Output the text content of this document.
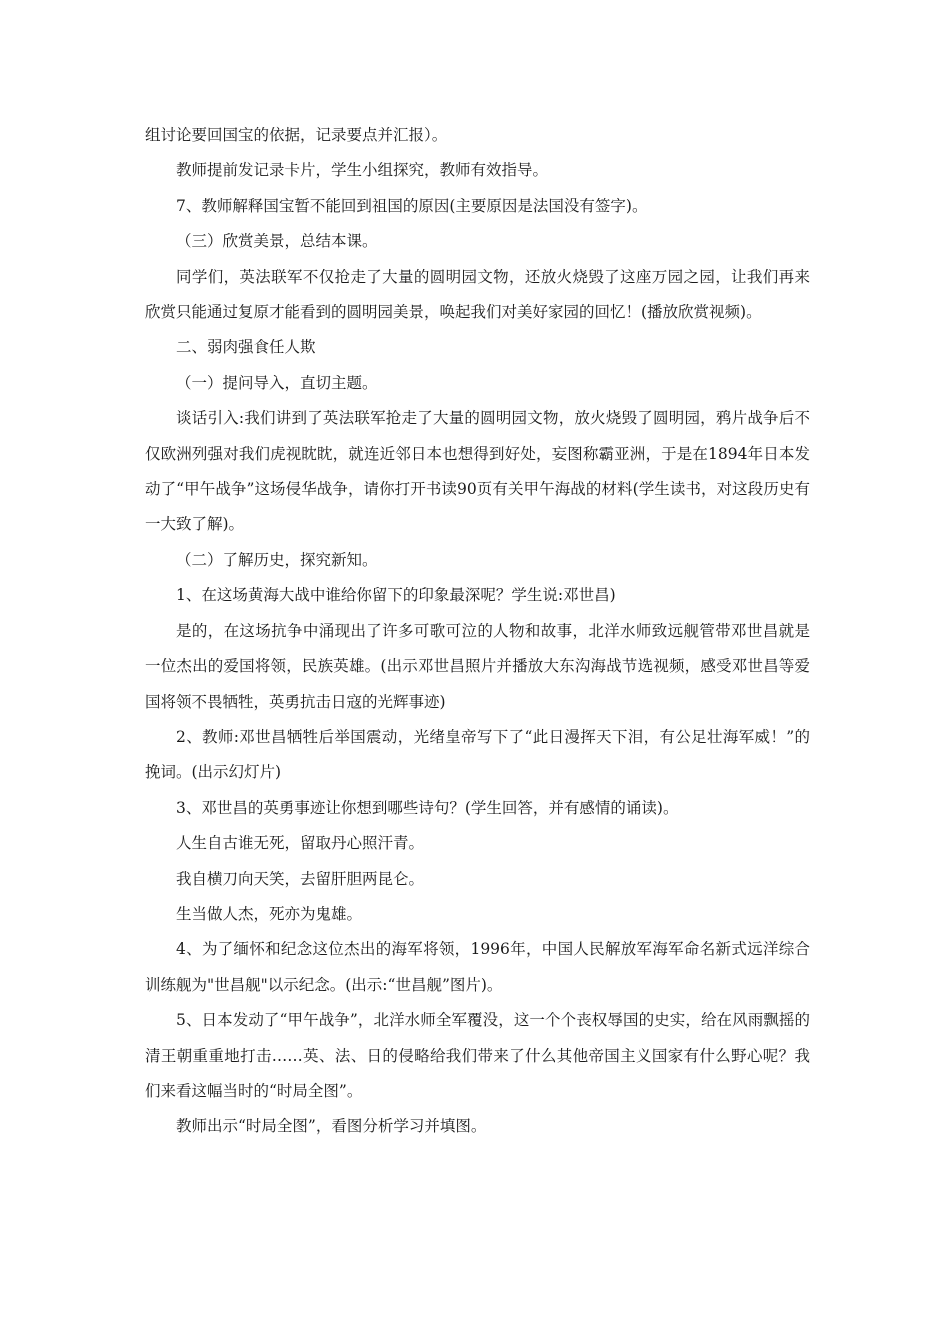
组讨论要回国宝的依据，记录要点并汇报）。

教师提前发记录卡片，学生小组探究，教师有效指导。

7、教师解释国宝暂不能回到祖国的原因(主要原因是法国没有签字)。

（三）欣赏美景，总结本课。

同学们，英法联军不仅抢走了大量的圆明园文物，还放火烧毁了这座万园之园，让我们再来欣赏只能通过复原才能看到的圆明园美景，唤起我们对美好家园的回忆！(播放欣赏视频)。

二、弱肉强食任人欺

（一）提问导入，直切主题。

谈话引入:我们讲到了英法联军抢走了大量的圆明园文物，放火烧毁了圆明园，鸦片战争后不仅欧洲列强对我们虎视眈眈，就连近邻日本也想得到好处，妄图称霸亚洲，于是在1894年日本发动了“甲午战争”这场侵华战争，请你打开书读90页有关甲午海战的材料(学生读书，对这段历史有一大致了解)。

（二）了解历史，探究新知。

1、在这场黄海大战中谁给你留下的印象最深呢？学生说:邓世昌)

是的，在这场抗争中涌现出了许多可歌可泣的人物和故事，北洋水师致远舰管带邓世昌就是一位杰出的爱国将领，民族英雄。(出示邓世昌照片并播放大东沟海战节选视频，感受邓世昌等爱国将领不畏牺牲，英勇抗击日寇的光辉事迹)

2、教师:邓世昌牺牲后举国震动，光绪皇帝写下了“此日漫挥天下泪，有公足壮海军威！”的挽词。(出示幻灯片)

3、邓世昌的英勇事迹让你想到哪些诗句？(学生回答，并有感情的诵读)。

人生自古谁无死，留取丹心照汗青。

我自横刀向天笑，去留肝胆两昆仑。

生当做人杰，死亦为鬼雄。

4、为了缅怀和纪念这位杰出的海军将领，1996年，中国人民解放军海军命名新式远洋综合训练舰为"世昌舰"以示纪念。(出示:“世昌舰”图片)。

5、日本发动了“甲午战争”，北洋水师全军覆没，这一个个丧权辱国的史实，给在风雨飘摇的清王朝重重地打击……英、法、日的侵略给我们带来了什么其他帝国主义国家有什么野心呢？我们来看这幅当时的“时局全图”。

教师出示“时局全图”，看图分析学习并填图。
